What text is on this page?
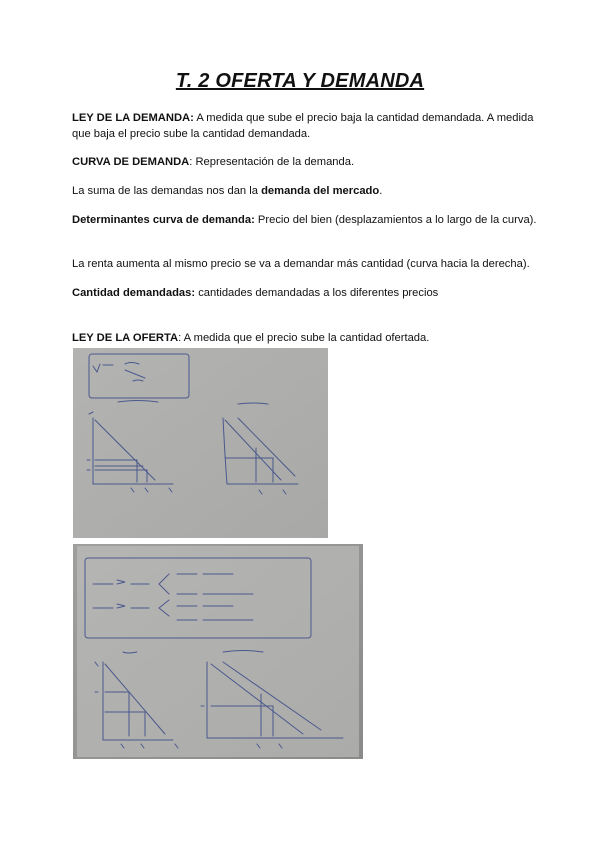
T. 2 OFERTA Y DEMANDA
LEY DE LA DEMANDA: A medida que sube el precio baja la cantidad demandada. A medida que baja el precio sube la cantidad demandada.
CURVA DE DEMANDA: Representación de la demanda.
La suma de las demandas nos dan la demanda del mercado.
Determinantes curva de demanda: Precio del bien (desplazamientos a lo largo de la curva).
La renta aumenta al mismo precio se va a demandar más cantidad (curva hacia la derecha).
Cantidad demandadas: cantidades demandadas a los diferentes precios
LEY DE LA OFERTA: A medida que el precio sube la cantidad ofertada.
